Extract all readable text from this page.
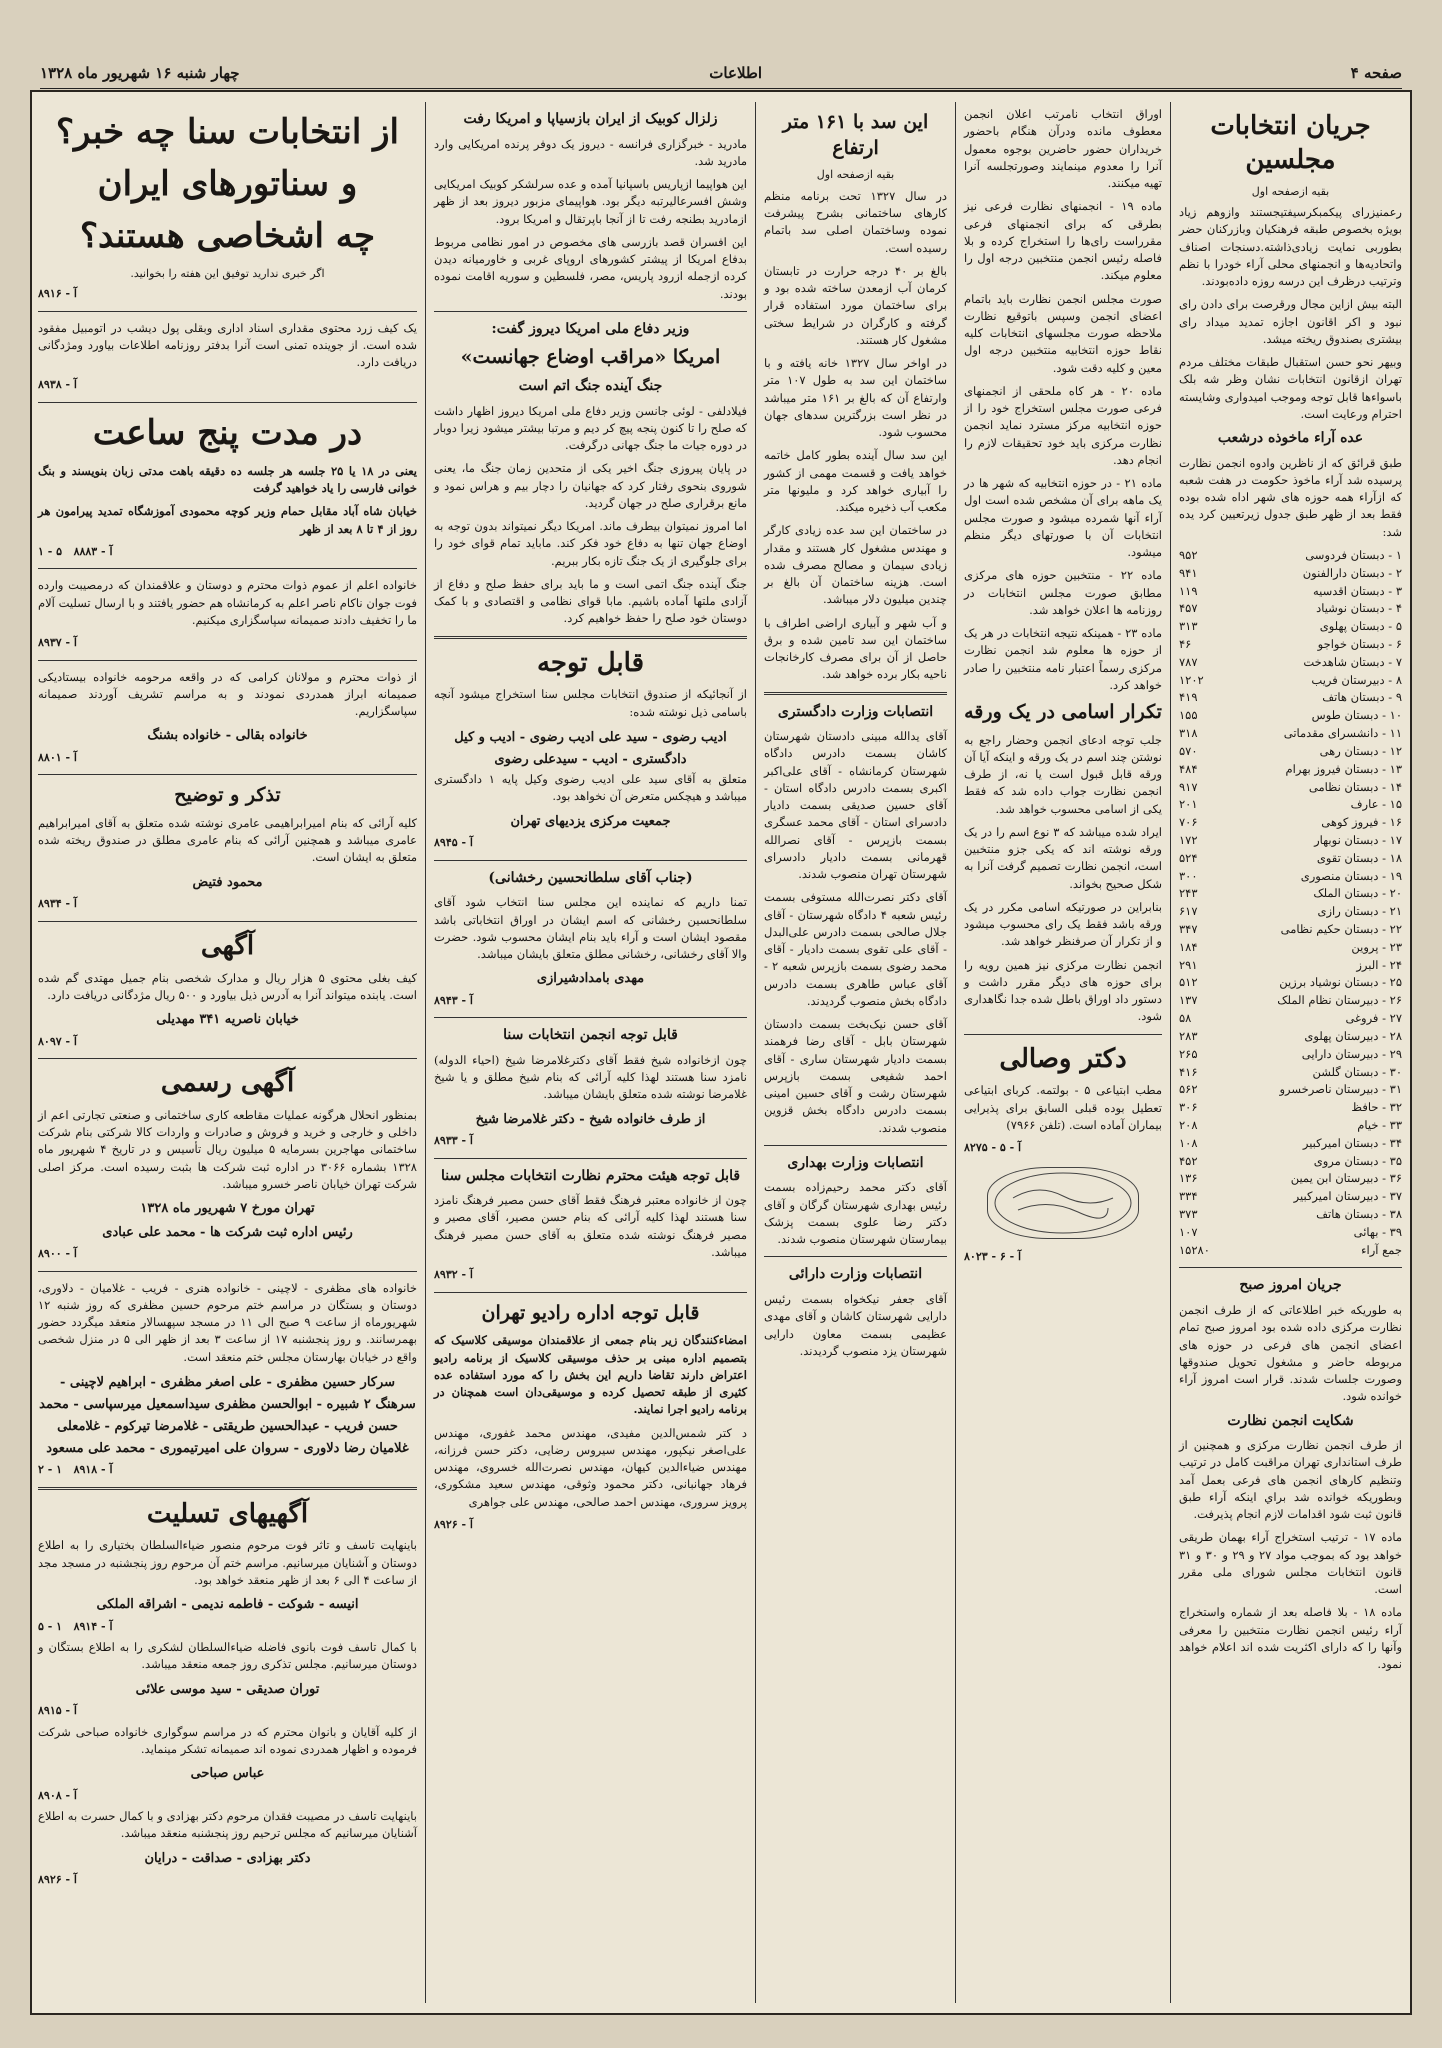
صفحه ۴
اطلاعات
چهار شنبه ۱۶ شهریور ماه ۱۳۲۸
جریان انتخابات مجلسین
بقیه ازصفحه اول

رعمنیزرای پیکمبکرسیفتیجستند وازوهم زیاد بویژه بخصوص طبقه فرهنکیان وبازرکنان حضر بطوربی نمایت زیادی‌ذاشته.دسنجات اصناف واتحادیه‌ها و انجمنهای محلی آراء خودرا با نظم وترتیب درظرف این درسه روزه داده‌بودند.

البته بیش ازاین مجال ورقرصت برای دادن رای نبود و اکر اقانون اجازه تمدید میداد رای بیشتری بصندوق ریخته میشد.

وبیهر نحو حسن استقبال طبقات مختلف مردم تهران ازقانون انتخابات نشان وظر شه بلک باسواءها قابل توجه وموجب امیدواری وشایسته احترام ورعایت است.

عده آراء ماخوذه درشعب

طبق قرائق که از ناظرین وادوه انجمن نظارت پرسیده شد آراء ماخوذ حکومت در هفت شعبه که ازآراء همه حوزه های شهر اداه شده بوده فقط بعد از ظهر طبق جدول زیرتعیین کرد یده شد:

۱ - دبستان فردوسی
۹۵۲
۲ - دبستان دارالفنون
۹۴۱
۳ - دبستان اقدسیه
۱۱۹
۴ - دبستان نوشیاد
۴۵۷
۵ - دبستان پهلوی
۳۱۳
۶ - دبستان خواجو
۴۶
۷ - دبستان شاهدخت
۷۸۷
۸ - دبیرستان فریب
۱۲۰۲
۹ - دبستان هاتف
۴۱۹
۱۰ - دبستان طوس
۱۵۵
۱۱ - دانشسرای مقدماتی
۳۱۸
۱۲ - دبستان رهی
۵۷۰
۱۳ - دبستان فیروز بهرام
۴۸۴
۱۴ - دبستان نظامی
۹۱۷
۱۵ - عارف
۲۰۱
۱۶ - فیروز کوهی
۷۰۶
۱۷ - دبستان نوبهار
۱۷۲
۱۸ - دبستان تقوی
۵۲۴
۱۹ - دبستان منصوری
۳۰۰
۲۰ - دبستان الملک
۲۴۳
۲۱ - دبستان رازی
۶۱۷
۲۲ - دبستان حکیم نظامی
۳۴۷
۲۳ - پروین
۱۸۴
۲۴ - البرز
۲۹۱
۲۵ - دبستان نوشیاد برزین
۵۱۲
۲۶ - دبیرستان نظام الملک
۱۳۷
۲۷ - فروغی
۵۸
۲۸ - دبیرستان پهلوی
۲۸۳
۲۹ - دبیرستان دارایی
۲۶۵
۳۰ - دبستان گلشن
۴۱۶
۳۱ - دبیرستان ناصرخسرو
۵۶۲
۳۲ - حافظ
۳۰۶
۳۳ - خیام
۲۰۸
۳۴ - دبستان امیرکبیر
۱۰۸
۳۵ - دبستان مروی
۴۵۲
۳۶ - دبیرستان ابن یمین
۱۳۶
۳۷ - دبیرستان امیرکبیر
۳۳۴
۳۸ - دبستان هاتف
۳۷۳
۳۹ - بهائی
۱۰۷
جمع آراء
۱۵۲۸۰
جریان امروز صبح

به طوریکه خبر اطلاعاتی که از طرف انجمن نظارت مرکزی داده شده بود امروز صبح تمام اعضای انجمن های فرعی در حوزه های مربوطه حاضر و مشغول تحویل صندوقها وصورت جلسات شدند. قرار است امروز آراء خوانده شود.

شکایت انجمن نظارت

از طرف انجمن نظارت مرکزی و همچنین از طرف استانداری تهران مراقبت کامل در ترتیب وتنظیم کارهای انجمن های فرعی بعمل آمد وبطوریکه خوانده شد براي اینکه آراء طبق قانون ثبت شود اقدامات لازم انجام پذیرفت.

ماده ۱۷ - ترتیب استخراج آراء بهمان طریقی خواهد بود که بموجب مواد ۲۷ و ۲۹ و ۳۰ و ۳۱ قانون انتخابات مجلس شورای ملی مقرر است.

ماده ۱۸ - بلا فاصله بعد از شماره واستخراج آراء رئیس انجمن نظارت منتخبین را معرفی وآنها را که دارای اکثریت شده اند اعلام خواهد نمود.

اوراق انتخاب نامرتب اعلان انجمن معطوف مانده ودرآن هنگام باحضور خریداران حضور حاضرین بوجوه معمول آنرا را معدوم مینمایند وصورتجلسه آنرا تهیه میکنند.

ماده ۱۹ - انجمنهای نظارت فرعی نیز بطرقی که برای انجمنهای فرعی مقرراست رای‌ها را استخراج کرده و بلا فاصله رئیس انجمن منتخبین درجه اول را معلوم میکند.

صورت مجلس انجمن نظارت باید باتمام اعضای انجمن وسپس باتوقیع نظارت ملاحظه صورت مجلسهای انتخابات کلیه نقاط حوزه انتخابیه منتخبین درجه اول معین و کلیه دقت شود.

ماده ۲۰ - هر کاه ملحقی از انجمنهای فرعی صورت مجلس استخراج خود را از حوزه انتخابیه مرکز مسترد نماید انجمن نظارت مرکزی باید خود تحقیقات لازم را انجام دهد.

ماده ۲۱ - در حوزه انتخابیه که شهر ها در یک ماهه برای آن مشخص شده است اول آراء آنها شمرده میشود و صورت مجلس انتخابات آن با صورتهای دیگر منظم میشود.

ماده ۲۲ - منتخبین حوزه های مرکزی مطابق صورت مجلس انتخابات در روزنامه ها اعلان خواهد شد.

ماده ۲۳ - همینکه نتیجه انتخابات در هر یک از حوزه ها معلوم شد انجمن نظارت مرکزی رسماً اعتبار نامه منتخبین را صادر خواهد کرد.

تکرار اسامی در یک ورقه

جلب توجه ادعای انجمن وحضار راجع به نوشتن چند اسم در یک ورقه و اینکه آیا آن ورقه قابل قبول است یا نه، از طرف انجمن نظارت جواب داده شد که فقط یکی از اسامی محسوب خواهد شد.

ایراد شده میباشد که ۳ نوع اسم را در یک ورقه نوشته اند که یکی جزو منتخبین است، انجمن نظارت تصمیم گرفت آنرا به شکل صحیح بخواند.

بنابراین در صورتیکه اسامی مکرر در یک ورقه باشد فقط یک رای محسوب میشود و از تکرار آن صرفنظر خواهد شد.

انجمن نظارت مرکزی نیز همین رویه را برای حوزه های دیگر مقرر داشت و دستور داد اوراق باطل شده جدا نگاهداری شود.

دکتر وصالی

مطب ابتیاعی ۵ - بولتمه. کربای ابتیاعی تعطیل بوده قبلی السابق برای پذیرایی بیماران آماده است. (تلفن ۷۹۶۶)

آ - ۵ - ۸۲۷۵
آ - ۶ - ۸۰۲۳
این سد با ۱۶۱ متر ارتفاع
بقیه ازصفحه اول

در سال ۱۳۲۷ تحت برنامه منظم کارهای ساختمانی بشرح پیشرفت نموده وساختمان اصلی سد باتمام رسیده است.

بالغ بر ۴۰ درجه حرارت در تابستان کرمان آب ازمعدن ساخته شده بود و برای ساختمان مورد استفاده قرار گرفته و کارگران در شرایط سختی مشغول کار هستند.

در اواخر سال ۱۳۲۷ خانه یافته و با ساختمان این سد به طول ۱۰۷ متر وارتفاع آن که بالغ بر ۱۶۱ متر میباشد در نظر است بزرگترین سدهای جهان محسوب شود.

این سد سال آینده بطور کامل خاتمه خواهد یافت و قسمت مهمی از کشور را آبیاری خواهد کرد و ملیونها متر مکعب آب ذخیره میکند.

در ساختمان این سد عده زیادی کارگر و مهندس مشغول کار هستند و مقدار زیادی سیمان و مصالح مصرف شده است. هزینه ساختمان آن بالغ بر چندین میلیون دلار میباشد.

و آب شهر و آبیاری اراضی اطراف با ساختمان این سد تامین شده و برق حاصل از آن برای مصرف کارخانجات ناحیه بکار برده خواهد شد.

انتصابات وزارت دادگستری

آقای یدالله مبینی دادستان شهرستان کاشان بسمت دادرس دادگاه شهرستان کرمانشاه - آقای علی‌اکبر اکبری بسمت دادرس دادگاه استان - آقای حسین صدیقی بسمت دادیار دادسرای استان - آقای محمد عسگری بسمت بازپرس - آقای نصرالله قهرمانی بسمت دادیار دادسرای شهرستان تهران منصوب شدند.

آقای دکتر نصرت‌الله مستوفی بسمت رئیس شعبه ۴ دادگاه شهرستان - آقای جلال صالحی بسمت دادرس علی‌البدل - آقای علی تقوی بسمت دادیار - آقای محمد رضوی بسمت بازپرس شعبه ۲ - آقای عباس طاهری بسمت دادرس دادگاه بخش منصوب گردیدند.

آقای حسن نیک‌بخت بسمت دادستان شهرستان بابل - آقای رضا فرهمند بسمت دادیار شهرستان ساری - آقای احمد شفیعی بسمت بازپرس شهرستان رشت و آقای حسین امینی بسمت دادرس دادگاه بخش قزوین منصوب شدند.

انتصابات وزارت بهداری

آقای دکتر محمد رحیم‌زاده بسمت رئیس بهداری شهرستان گرگان و آقای دکتر رضا علوی بسمت پزشک بیمارستان شهرستان منصوب شدند.

انتصابات وزارت دارائی

آقای جعفر نیکخواه بسمت رئیس دارایی شهرستان کاشان و آقای مهدی عظیمی بسمت معاون دارایی شهرستان یزد منصوب گردیدند.

زلزال کوبیک از ایران بازسیاپا و امریکا رفت

مادرید - خبرگزاری فرانسه - دیروز یک دوفر پرنده امریکایی وارد مادرید شد.

این هواپیما ازپاریس باسپانیا آمده و عده سرلشکر کوبیک امریکایی وشش افسرعالیرتبه دیگر بود. هواپیمای مزبور دیروز بعد از ظهر ازمادرید بطنجه رفت تا از آنجا باپرتقال و امریکا برود.

این افسران قصد بازرسی های مخصوص در امور نظامی مربوط بدفاع امریکا از پیشتر کشورهای اروپای غربی و خاورمیانه دیدن کرده ازجمله ازرود پاریس، مصر، فلسطین و سوریه اقامت نموده بودند.

وزیر دفاع ملی امریکا دیروز گفت:
امریکا «مراقب اوضاع جهانست»
جنگ آینده جنگ اتم است

فیلادلفی - لوئی جانسن وزیر دفاع ملی امریکا دیروز اظهار داشت که صلح را تا کنون پنجه پیچ کر دیم و مرتبا بیشتر میشود زیرا دوبار در دوره جیات ما جنگ جهانی درگرفت.

در پایان پیروزی جنگ اخیر یکی از متحدین زمان جنگ ما، یعنی شوروی بنحوی رفتار کرد که جهانیان را دچار بیم و هراس نمود و مانع برقراری صلح در جهان گردید.

اما امروز نمیتوان بیطرف ماند. امریکا دیگر نمیتواند بدون توجه به اوضاع جهان تنها به دفاع خود فکر کند. ماباید تمام قوای خود را برای جلوگیری از یک جنگ تازه بکار ببریم.

جنگ آینده جنگ اتمی است و ما باید برای حفظ صلح و دفاع از آزادی ملتها آماده باشیم. مابا قوای نظامی و اقتصادی و با کمک دوستان خود صلح را حفظ خواهیم کرد.

قابل توجه

از آنجائیکه از صندوق انتخابات مجلس سنا استخراج میشود آنچه باسامی ذیل نوشته شده:

ادیب رضوی - سید علی ادیب رضوی - ادیب و کیل
دادگستری - ادیب - سیدعلی رضوی

متعلق به آقای سید علی ادیب رضوی وکیل پایه ۱ دادگستری میباشد و هیچکس متعرض آن نخواهد بود.

جمعیت مرکزی یزدیهای تهران
آ - ۸۹۴۵
(جناب آقای سلطانحسین رخشانی)

تمنا داریم که نماینده این مجلس سنا انتخاب شود آقای سلطانحسین رخشانی که اسم ایشان در اوراق انتخاباتی باشد مقصود ایشان است و آراء باید بنام ایشان محسوب شود. حضرت والا آقای رخشانی، رخشانی مطلق متعلق بایشان میباشد.

مهدی بامدادشیرازی
آ - ۸۹۴۳
قابل توجه انجمن انتخابات سنا

چون ازخانواده شیخ فقط آقای دکترغلامرضا شیخ (احیاء الدوله) نامزد سنا هستند لهذا کلیه آرائی که بنام شیخ مطلق و یا شیخ غلامرضا نوشته شده متعلق بایشان میباشد.

از طرف خانواده شیخ - دکتر غلامرضا شیخ
آ - ۸۹۳۳
قابل توجه هیئت محترم نظارت انتخابات مجلس سنا

چون از خانواده معتبر فرهنگ فقط آقای حسن مصیر فرهنگ نامزد سنا هستند لهذا کلیه آرائی که بنام حسن مصیر، آقای مصیر و مصیر فرهنگ نوشته شده متعلق به آقای حسن مصیر فرهنگ میباشد.

آ - ۸۹۳۲
قابل توجه اداره رادیو تهران

امضاءکنندگان زیر بنام جمعی از علاقمندان موسیقی کلاسیک که بتصمیم اداره مبنی بر حذف موسیقی کلاسیک از برنامه رادیو اعتراض دارند تقاضا داریم این بخش را که مورد استفاده عده کثیری از طبقه تحصیل کرده و موسیقی‌دان است همچنان در برنامه رادیو اجرا نمایند.

د کتر شمس‌الدین مفیدی، مهندس محمد غفوری، مهندس علی‌اصغر نیکپور، مهندس سیروس رضایی، دکتر حسن فرزانه، مهندس ضیاءالدین کیهان، مهندس نصرت‌الله خسروی، مهندس فرهاد جهانبانی، دکتر محمود وثوقی، مهندس سعید مشکوری، پرویز سروری، مهندس احمد صالحی، مهندس علی جواهری

آ - ۸۹۲۶
از انتخابات سنا چه خبر؟
و سناتورهای ایران
چه اشخاصی هستند؟
اگر خبری ندارید توفیق این هفته را بخوانید.
آ - ۸۹۱۶

یک کیف زرد محتوی مقداری اسناد اداری وبقلی پول دیشب در اتومبیل مفقود شده است. از جوینده تمنی است آنرا بدفتر روزنامه اطلاعات بیاورد ومژدگانی دریافت دارد.

آ - ۸۹۳۸
در مدت پنج ساعت

یعنی در ۱۸ یا ۲۵ جلسه هر جلسه ده دقیقه باهت مدتی زبان بنویسند و بنگ خوانی فارسی را یاد خواهید گرفت

خیابان شاه آباد مقابل حمام وزیر کوچه محمودی آموزشگاه تمدید پیرامون هر روز از ۴ تا ۸ بعد از ظهر

آ - ۸۸۸۳   ۵ - ۱

خانواده اعلم از عموم ذوات محترم و دوستان و علاقمندان که درمصیبت وارده فوت جوان ناکام ناصر اعلم به کرمانشاه هم حضور یافتند و با ارسال تسلیت آلام ما را تخفیف دادند صمیمانه سپاسگزاری میکنیم.

آ - ۸۹۳۷

از ذوات محترم و مولانان کرامی که در واقعه مرحومه خانواده بیستادیکی صمیمانه ابراز همدردی نمودند و به مراسم تشریف آوردند صمیمانه سپاسگزاریم.

خانواده بقالی - خانواده بشنگ
آ - ۸۸۰۱
تذکر و توضیح

کلیه آرائی که بنام امیرابراهیمی عامری نوشته شده متعلق به آقای امیرابراهیم عامری میباشد و همچنین آرائی که بنام عامری مطلق در صندوق ریخته شده متعلق به ایشان است.

محمود فتیض
آ - ۸۹۳۴
آگهی

کیف بغلی محتوی ۵ هزار ریال و مدارک شخصی بنام جمیل مهتدی گم شده است. یابنده میتواند آنرا به آدرس ذیل بیاورد و ۵۰۰ ریال مژدگانی دریافت دارد.

خیابان ناصریه ۳۴۱ مهدیلی
آ - ۸۰۹۷
آگهی رسمی

بمنظور انحلال هرگونه عملیات مقاطعه کاری ساختمانی و صنعتی تجارتی اعم از داخلی و خارجی و خرید و فروش و صادرات و واردات کالا شرکتی بنام شرکت ساختمانی مهاجرین بسرمایه ۵ میلیون ریال تأسیس و در تاریخ ۴ شهریور ماه ۱۳۲۸ بشماره ۳۰۶۶ در اداره ثبت شرکت ها بثبت رسیده است. مرکز اصلی شرکت تهران خیابان ناصر خسرو میباشد.

تهران مورخ ۷ شهریور ماه ۱۳۲۸
رئیس اداره ثبت شرکت ها - محمد علی عبادی
آ - ۸۹۰۰

خانواده های مظفری - لاچینی - خانواده هنری - فریب - غلامیان - دلاوری، دوستان و بستگان در مراسم ختم مرحوم حسین مظفری که روز شنبه ۱۲ شهریورماه از ساعت ۹ صبح الی ۱۱ در مسجد سپهسالار منعقد میگردد حضور بهمرسانند. و روز پنجشنبه ۱۷ از ساعت ۳ بعد از ظهر الی ۵ در منزل شخصی واقع در خیابان بهارستان مجلس ختم منعقد است.

سرکار حسین مظفری - علی اصغر مظفری - ابراهیم لاچینی - سرهنگ ۲ شبیره - ابوالحسن مظفری سیداسمعیل میرسپاسی - محمد حسن فریب - عبدالحسین طریقتی - غلامرضا تیرکوم - غلامعلی غلامیان رضا دلاوری - سروان علی امیرتیموری - محمد علی مسعود
آ - ۸۹۱۸   ۱ - ۲
آگهیهای تسلیت

باینهایت تاسف و تاثر فوت مرحوم منصور ضیاءالسلطان بختیاری را به اطلاع دوستان و آشنایان میرسانیم. مراسم ختم آن مرحوم روز پنجشنبه در مسجد مجد از ساعت ۴ الی ۶ بعد از ظهر منعقد خواهد بود.

انیسه - شوکت - فاطمه ندیمی - اشراقه الملکی
آ - ۸۹۱۴   ۱ - ۵

با کمال تاسف فوت بانوی فاضله ضیاءالسلطان لشکری را به اطلاع بستگان و دوستان میرسانیم. مجلس تذکری روز جمعه منعقد میباشد.

توران صدیقی - سید موسی علائی
آ - ۸۹۱۵

از کلیه آقایان و بانوان محترم که در مراسم سوگواری خانواده صباحی شرکت فرموده و اظهار همدردی نموده اند صمیمانه تشکر مینماید.

عباس صباحی
آ - ۸۹۰۸

باینهایت تاسف در مصیبت فقدان مرحوم دکتر بهزادی و با کمال حسرت به اطلاع آشنایان میرسانیم که مجلس ترحیم روز پنجشنبه منعقد میباشد.

دکتر بهزادی - صداقت - درایان
آ - ۸۹۲۶
